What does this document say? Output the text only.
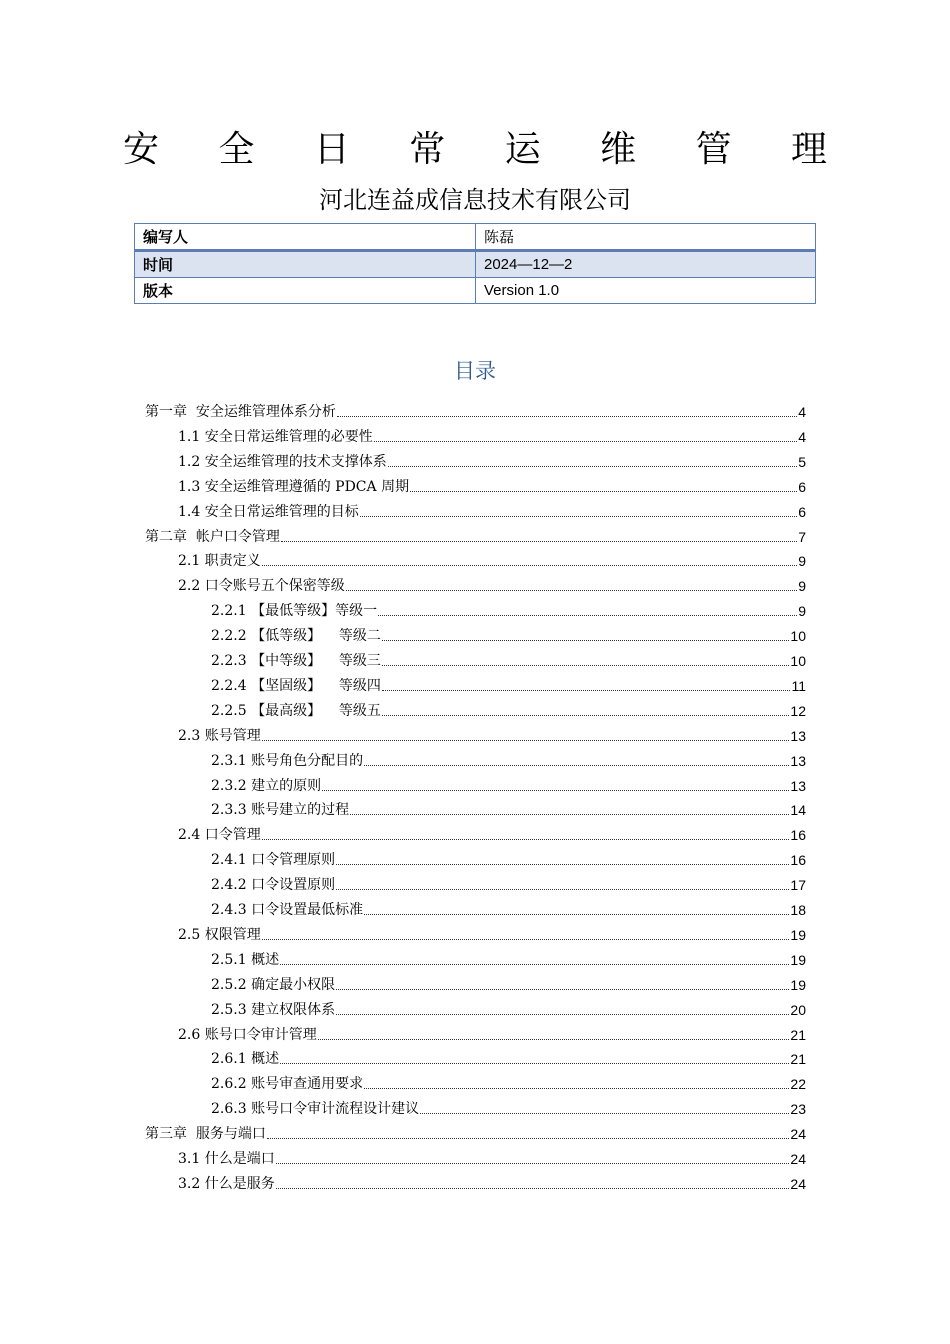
安 全 日 常 运 维 管 理
河北连益成信息技术有限公司
编写人	陈磊
时间	2024—12—2
版本	Version 1.0
目录
第一章  安全运维管理体系分析	4
1.1 安全日常运维管理的必要性	4
1.2 安全运维管理的技术支撑体系	5
1.3 安全运维管理遵循的 PDCA 周期	6
1.4 安全日常运维管理的目标	6
第二章  帐户口令管理	7
2.1 职责定义	9
2.2 口令账号五个保密等级	9
2.2.1 【最低等级】等级一	9
2.2.2 【低等级】    等级二	10
2.2.3 【中等级】    等级三	10
2.2.4 【坚固级】    等级四	11
2.2.5 【最高级】    等级五	12
2.3 账号管理	13
2.3.1 账号角色分配目的	13
2.3.2 建立的原则	13
2.3.3 账号建立的过程	14
2.4 口令管理	16
2.4.1 口令管理原则	16
2.4.2 口令设置原则	17
2.4.3 口令设置最低标准	18
2.5 权限管理	19
2.5.1 概述	19
2.5.2 确定最小权限	19
2.5.3 建立权限体系	20
2.6 账号口令审计管理	21
2.6.1 概述	21
2.6.2 账号审查通用要求	22
2.6.3 账号口令审计流程设计建议	23
第三章  服务与端口	24
3.1 什么是端口	24
3.2 什么是服务	24
